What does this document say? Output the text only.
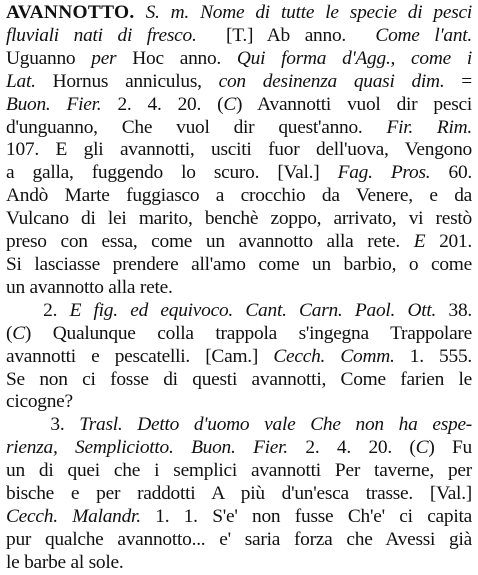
AVANNOTTO. S. m. Nome di tutte le specie di pesci
fluviali nati di fresco.  [T.] Ab anno.  Come l'ant.
Uguanno per Hoc anno. Qui forma d'Agg., come i
Lat. Hornus anniculus, con desinenza quasi dim. =
Buon. Fier. 2. 4. 20. (C) Avannotti vuol dir pesci
d'unguanno, Che vuol dir quest'anno. Fir. Rim.
107. E gli avannotti, usciti fuor dell'uova, Vengono
a galla, fuggendo lo scuro. [Val.] Fag. Pros. 60.
Andò Marte fuggiasco a crocchio da Venere, e da
Vulcano di lei marito, benchè zoppo, arrivato, vi restò
preso con essa, come un avannotto alla rete. E 201.
Si lasciasse prendere all'amo come un barbio, o come
un avannotto alla rete.
2. E fig. ed equivoco. Cant. Carn. Paol. Ott. 38.
(C) Qualunque colla trappola s'ingegna Trappolare
avannotti e pescatelli. [Cam.] Cecch. Comm. 1. 555.
Se non ci fosse di questi avannotti, Come farien le
cicogne?
3. Trasl. Detto d'uomo vale Che non ha espe-
rienza, Sempliciotto. Buon. Fier. 2. 4. 20. (C) Fu
un di quei che i semplici avannotti Per taverne, per
bische e per raddotti A più d'un'esca trasse. [Val.]
Cecch. Malandr. 1. 1. S'e' non fusse Ch'e' ci capita
pur qualche avannotto... e' saria forza che Avessi già
le barbe al sole.
